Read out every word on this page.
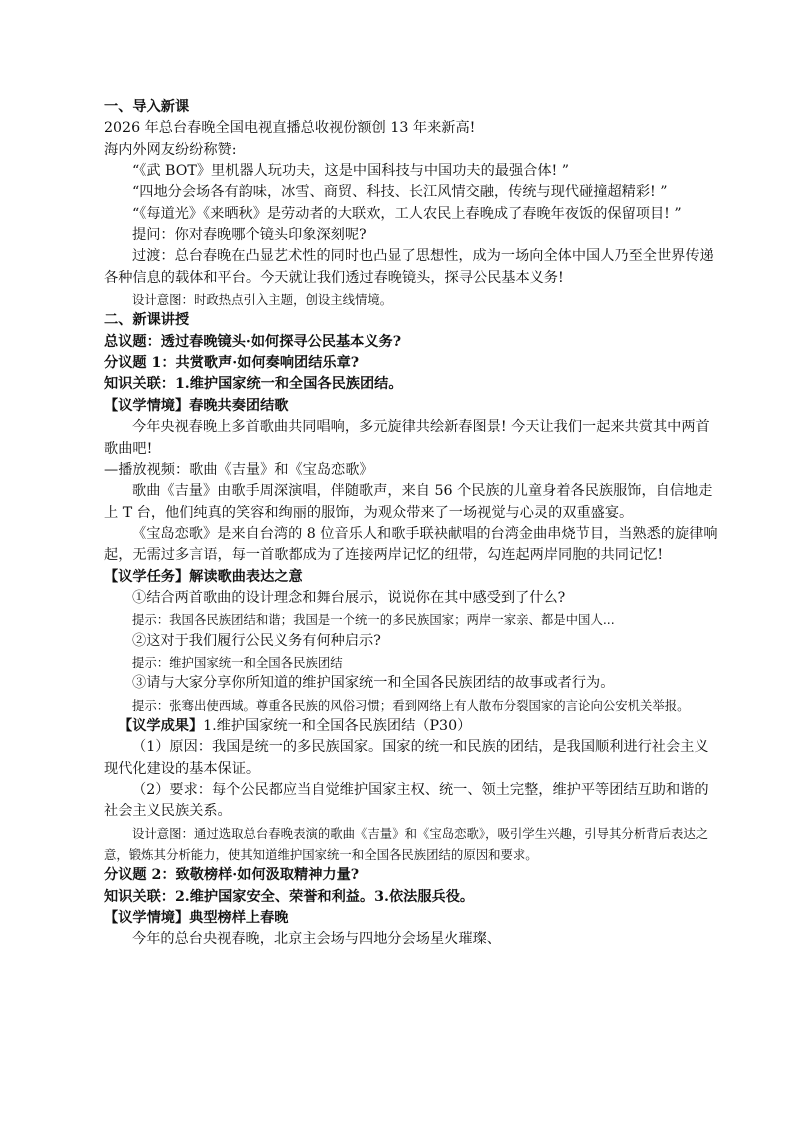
一、导入新课
2026 年总台春晚全国电视直播总收视份额创 13 年来新高!
海内外网友纷纷称赞:
“《武 BOT》里机器人玩功夫，这是中国科技与中国功夫的最强合体! ”
“四地分会场各有韵味，冰雪、商贸、科技、长江风情交融，传统与现代碰撞超精彩! ”
“《每道光》《来晒秋》是劳动者的大联欢，工人农民上春晚成了春晚年夜饭的保留项目! ”
提问：你对春晚哪个镜头印象深刻呢?
过渡：总台春晚在凸显艺术性的同时也凸显了思想性，成为一场向全体中国人乃至全世界传递各种信息的载体和平台。今天就让我们透过春晚镜头，探寻公民基本义务!
设计意图：时政热点引入主题，创设主线情境。
二、新课讲授
总议题：透过春晚镜头·如何探寻公民基本义务?
分议题 1：共赏歌声·如何奏响团结乐章?
知识关联：1.维护国家统一和全国各民族团结。
【议学情境】春晚共奏团结歌
今年央视春晚上多首歌曲共同唱响，多元旋律共绘新春图景! 今天让我们一起来共赏其中两首歌曲吧!
—播放视频：歌曲《吉量》和《宝岛恋歌》
歌曲《吉量》由歌手周深演唱，伴随歌声，来自 56 个民族的儿童身着各民族服饰，自信地走上 T 台，他们纯真的笑容和绚丽的服饰，为观众带来了一场视觉与心灵的双重盛宴。
《宝岛恋歌》是来自台湾的 8 位音乐人和歌手联袂献唱的台湾金曲串烧节目，当熟悉的旋律响起，无需过多言语，每一首歌都成为了连接两岸记忆的纽带，勾连起两岸同胞的共同记忆!
【议学任务】解读歌曲表达之意
①结合两首歌曲的设计理念和舞台展示，说说你在其中感受到了什么?
提示：我国各民族团结和谐；我国是一个统一的多民族国家；两岸一家亲、都是中国人...
②这对于我们履行公民义务有何种启示?
提示：维护国家统一和全国各民族团结
③请与大家分享你所知道的维护国家统一和全国各民族团结的故事或者行为。
提示：张骞出使西域。尊重各民族的风俗习惯；看到网络上有人散布分裂国家的言论向公安机关举报。
【议学成果】1.维护国家统一和全国各民族团结（P30）
（1）原因：我国是统一的多民族国家。国家的统一和民族的团结，是我国顺利进行社会主义现代化建设的基本保证。
（2）要求：每个公民都应当自觉维护国家主权、统一、领土完整，维护平等团结互助和谐的社会主义民族关系。
设计意图：通过选取总台春晚表演的歌曲《吉量》和《宝岛恋歌》，吸引学生兴趣，引导其分析背后表达之意，锻炼其分析能力，使其知道维护国家统一和全国各民族团结的原因和要求。
分议题 2：致敬榜样·如何汲取精神力量?
知识关联：2.维护国家安全、荣誉和利益。3.依法服兵役。
【议学情境】典型榜样上春晚
今年的总台央视春晚，北京主会场与四地分会场星火璀璨、
